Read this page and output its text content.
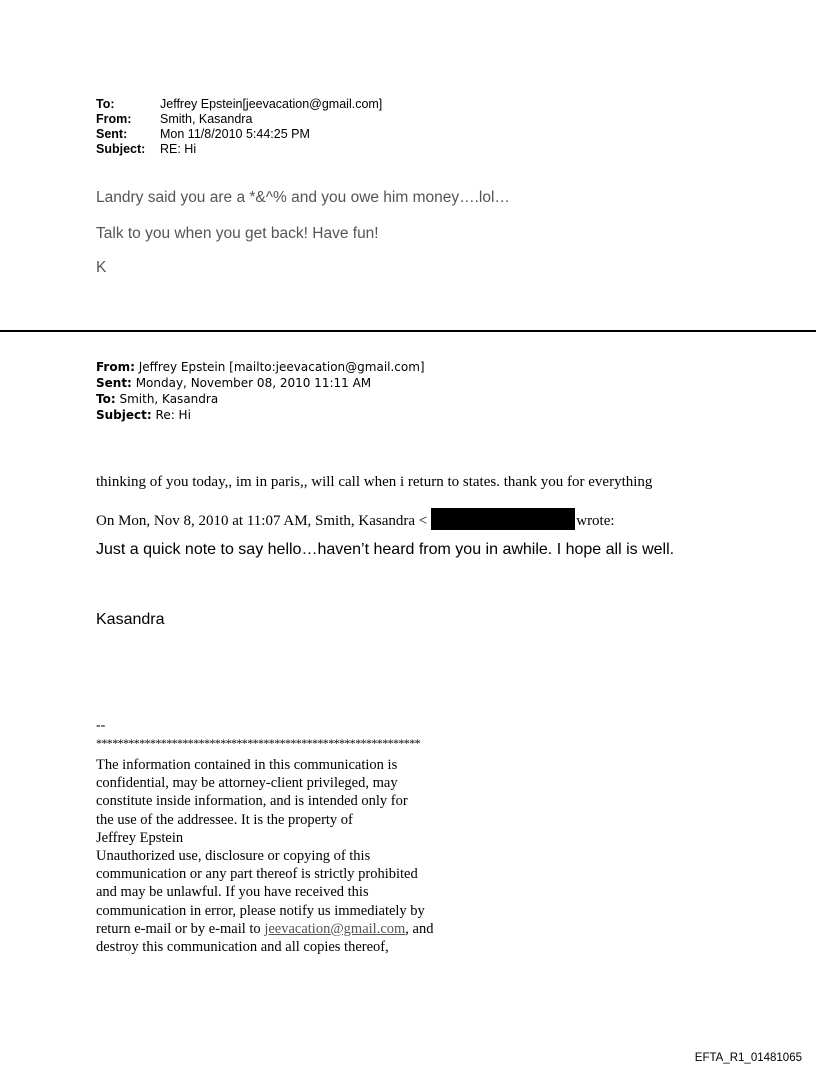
To:	Jeffrey Epstein[jeevacation@gmail.com]
From:	Smith, Kasandra
Sent:	Mon 11/8/2010 5:44:25 PM
Subject:	RE: Hi
Landry said you are a *&^% and you owe him money….lol…
Talk to you when you get back! Have fun!
K
From: Jeffrey Epstein [mailto:jeevacation@gmail.com]
Sent: Monday, November 08, 2010 11:11 AM
To: Smith, Kasandra
Subject: Re: Hi
thinking of you today,, im in paris,, will call when i return to states. thank you for everything
On Mon, Nov 8, 2010 at 11:07 AM, Smith, Kasandra <	wrote:
Just a quick note to say hello…haven’t heard from you in awhile. I hope all is well.
Kasandra
--
************************************************************
The information contained in this communication is
confidential, may be attorney-client privileged, may
constitute inside information, and is intended only for
the use of the addressee. It is the property of
Jeffrey Epstein
Unauthorized use, disclosure or copying of this
communication or any part thereof is strictly prohibited
and may be unlawful. If you have received this
communication in error, please notify us immediately by
return e-mail or by e-mail to jeevacation@gmail.com, and
destroy this communication and all copies thereof,
EFTA_R1_01481065
